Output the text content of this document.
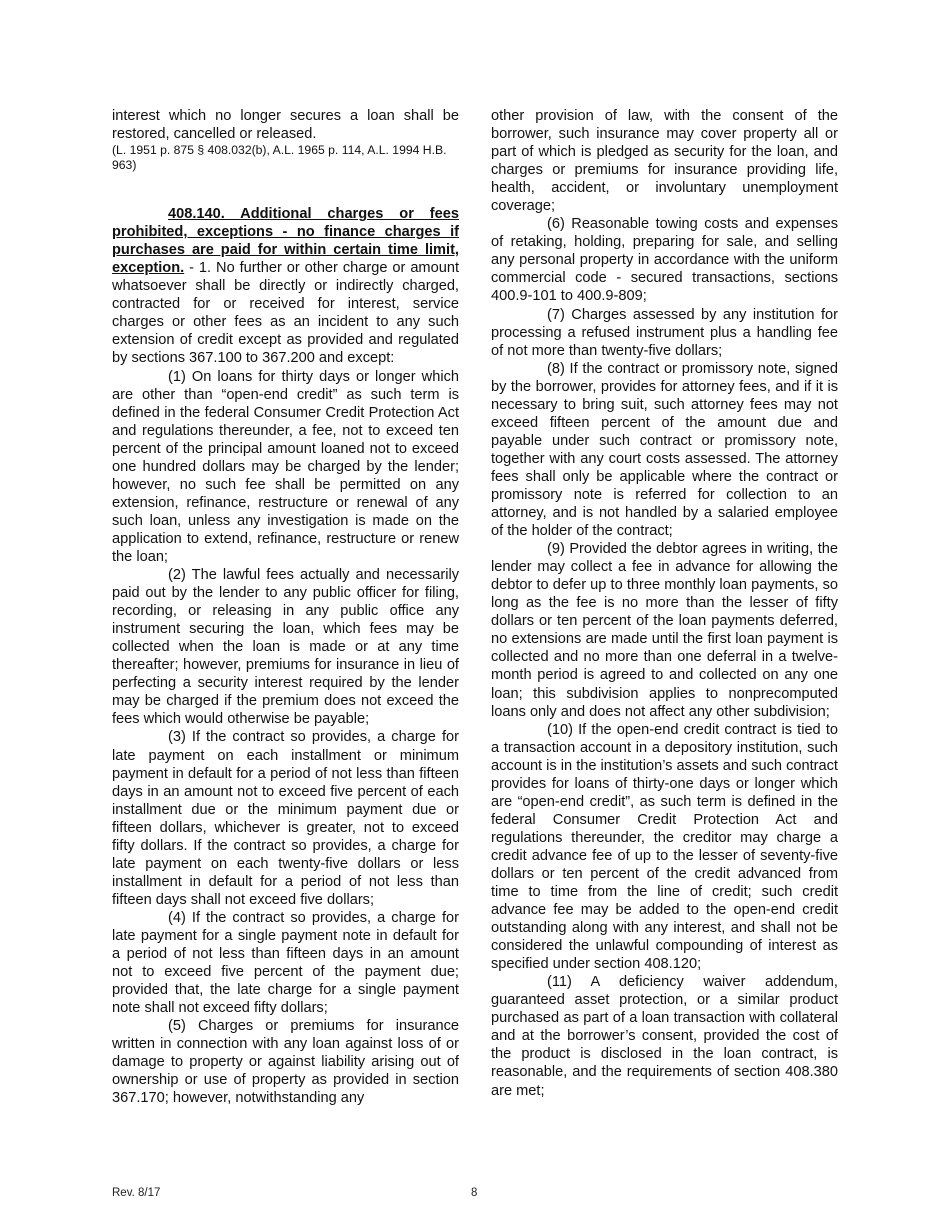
interest which no longer secures a loan shall be restored, cancelled or released.

(L. 1951 p. 875 § 408.032(b), A.L. 1965 p. 114, A.L. 1994 H.B. 963)

408.140. Additional charges or fees prohibited, exceptions - no finance charges if purchases are paid for within certain time limit, exception. - 1. No further or other charge or amount whatsoever shall be directly or indirectly charged, contracted for or received for interest, service charges or other fees as an incident to any such extension of credit except as provided and regulated by sections 367.100 to 367.200 and except:

(1) On loans for thirty days or longer which are other than “open-end credit” as such term is defined in the federal Consumer Credit Protection Act and regulations thereunder, a fee, not to exceed ten percent of the principal amount loaned not to exceed one hundred dollars may be charged by the lender; however, no such fee shall be permitted on any extension, refinance, restructure or renewal of any such loan, unless any investigation is made on the application to extend, refinance, restructure or renew the loan;

(2) The lawful fees actually and necessarily paid out by the lender to any public officer for filing, recording, or releasing in any public office any instrument securing the loan, which fees may be collected when the loan is made or at any time thereafter; however, premiums for insurance in lieu of perfecting a security interest required by the lender may be charged if the premium does not exceed the fees which would otherwise be payable;

(3) If the contract so provides, a charge for late payment on each installment or minimum payment in default for a period of not less than fifteen days in an amount not to exceed five percent of each installment due or the minimum payment due or fifteen dollars, whichever is greater, not to exceed fifty dollars. If the contract so provides, a charge for late payment on each twenty-five dollars or less installment in default for a period of not less than fifteen days shall not exceed five dollars;

(4) If the contract so provides, a charge for late payment for a single payment note in default for a period of not less than fifteen days in an amount not to exceed five percent of the payment due; provided that, the late charge for a single payment note shall not exceed fifty dollars;

(5) Charges or premiums for insurance written in connection with any loan against loss of or damage to property or against liability arising out of ownership or use of property as provided in section 367.170; however, notwithstanding any

other provision of law, with the consent of the borrower, such insurance may cover property all or part of which is pledged as security for the loan, and charges or premiums for insurance providing life, health, accident, or involuntary unemployment coverage;

(6) Reasonable towing costs and expenses of retaking, holding, preparing for sale, and selling any personal property in accordance with the uniform commercial code - secured transactions, sections 400.9-101 to 400.9-809;

(7) Charges assessed by any institution for processing a refused instrument plus a handling fee of not more than twenty-five dollars;

(8) If the contract or promissory note, signed by the borrower, provides for attorney fees, and if it is necessary to bring suit, such attorney fees may not exceed fifteen percent of the amount due and payable under such contract or promissory note, together with any court costs assessed. The attorney fees shall only be applicable where the contract or promissory note is referred for collection to an attorney, and is not handled by a salaried employee of the holder of the contract;

(9) Provided the debtor agrees in writing, the lender may collect a fee in advance for allowing the debtor to defer up to three monthly loan payments, so long as the fee is no more than the lesser of fifty dollars or ten percent of the loan payments deferred, no extensions are made until the first loan payment is collected and no more than one deferral in a twelve-month period is agreed to and collected on any one loan; this subdivision applies to nonprecomputed loans only and does not affect any other subdivision;

(10) If the open-end credit contract is tied to a transaction account in a depository institution, such account is in the institution’s assets and such contract provides for loans of thirty-one days or longer which are “open-end credit”, as such term is defined in the federal Consumer Credit Protection Act and regulations thereunder, the creditor may charge a credit advance fee of up to the lesser of seventy-five dollars or ten percent of the credit advanced from time to time from the line of credit; such credit advance fee may be added to the open-end credit outstanding along with any interest, and shall not be considered the unlawful compounding of interest as specified under section 408.120;

(11) A deficiency waiver addendum, guaranteed asset protection, or a similar product purchased as part of a loan transaction with collateral and at the borrower’s consent, provided the cost of the product is disclosed in the loan contract, is reasonable, and the requirements of section 408.380 are met;

Rev. 8/17	8
